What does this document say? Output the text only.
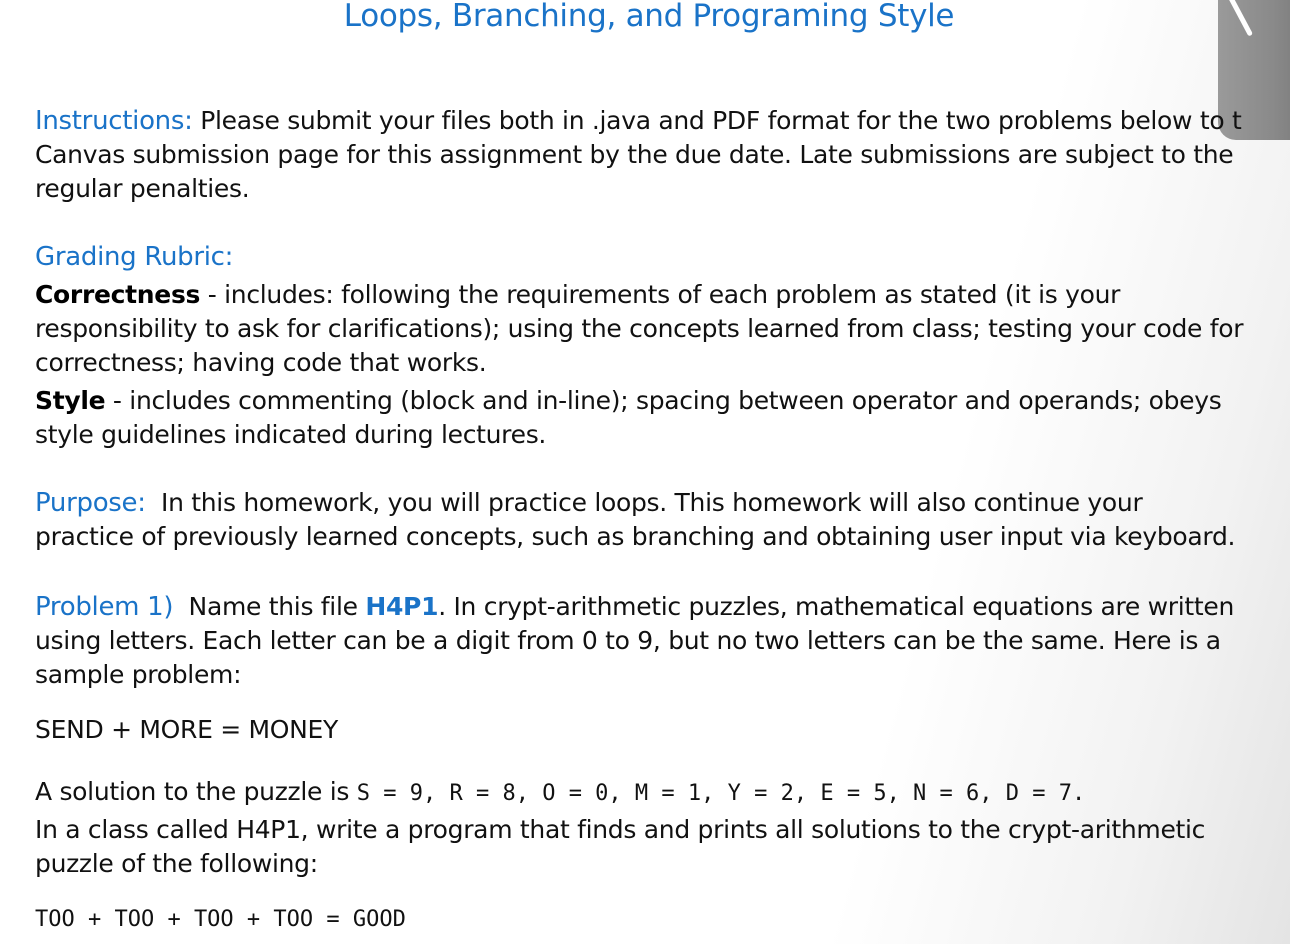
Loops, Branching, and Programing Style
Instructions: Please submit your files both in .java and PDF format for the two problems below to t
Canvas submission page for this assignment by the due date. Late submissions are subject to the
regular penalties.
Grading Rubric:
Correctness - includes: following the requirements of each problem as stated (it is your
responsibility to ask for clarifications); using the concepts learned from class; testing your code for
correctness; having code that works.
Style - includes commenting (block and in-line); spacing between operator and operands; obeys
style guidelines indicated during lectures.
Purpose:  In this homework, you will practice loops. This homework will also continue your
practice of previously learned concepts, such as branching and obtaining user input via keyboard.
Problem 1)  Name this file H4P1. In crypt-arithmetic puzzles, mathematical equations are written
using letters. Each letter can be a digit from 0 to 9, but no two letters can be the same. Here is a
sample problem:
SEND + MORE = MONEY
A solution to the puzzle is S = 9, R = 8, O = 0, M = 1, Y = 2, E = 5, N = 6, D = 7.
In a class called H4P1, write a program that finds and prints all solutions to the crypt-arithmetic
puzzle of the following:
TOO + TOO + TOO + TOO = GOOD
